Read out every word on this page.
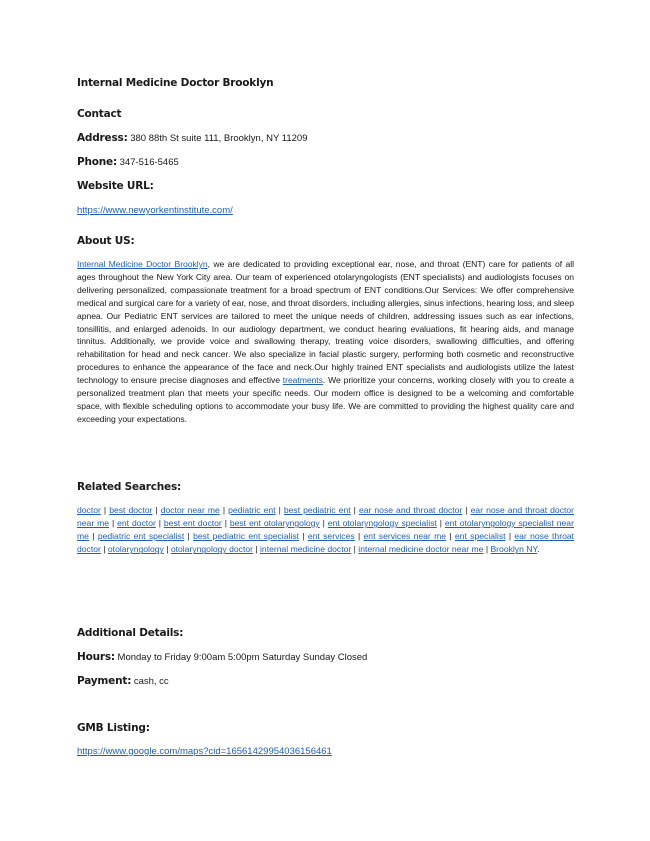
Internal Medicine Doctor Brooklyn
Contact
Address: 380 88th St suite 111, Brooklyn, NY 11209
Phone: 347-516-5465
Website URL:
https://www.newyorkentinstitute.com/
About US:
Internal Medicine Doctor Brooklyn, we are dedicated to providing exceptional ear, nose, and throat (ENT) care for patients of all ages throughout the New York City area. Our team of experienced otolaryngologists (ENT specialists) and audiologists focuses on delivering personalized, compassionate treatment for a broad spectrum of ENT conditions.Our Services: We offer comprehensive medical and surgical care for a variety of ear, nose, and throat disorders, including allergies, sinus infections, hearing loss, and sleep apnea. Our Pediatric ENT services are tailored to meet the unique needs of children, addressing issues such as ear infections, tonsillitis, and enlarged adenoids. In our audiology department, we conduct hearing evaluations, fit hearing aids, and manage tinnitus. Additionally, we provide voice and swallowing therapy, treating voice disorders, swallowing difficulties, and offering rehabilitation for head and neck cancer. We also specialize in facial plastic surgery, performing both cosmetic and reconstructive procedures to enhance the appearance of the face and neck.Our highly trained ENT specialists and audiologists utilize the latest technology to ensure precise diagnoses and effective treatments. We prioritize your concerns, working closely with you to create a personalized treatment plan that meets your specific needs. Our modern office is designed to be a welcoming and comfortable space, with flexible scheduling options to accommodate your busy life. We are committed to providing the highest quality care and exceeding your expectations.
Related Searches:
doctor | best doctor | doctor near me | pediatric ent | best pediatric ent | ear nose and throat doctor | ear nose and throat doctor near me | ent doctor | best ent doctor | best ent otolaryngology | ent otolaryngology specialist | ent otolaryngology specialist near me | pediatric ent specialist | best pediatric ent specialist | ent services | ent services near me | ent specialist | ear nose throat doctor | otolaryngology | otolaryngology doctor | internal medicine doctor | internal medicine doctor near me | Brooklyn NY.
Additional Details:
Hours: Monday to Friday 9:00am 5:00pm Saturday Sunday Closed
Payment: cash, cc
GMB Listing:
https://www.google.com/maps?cid=16561429954036156461
